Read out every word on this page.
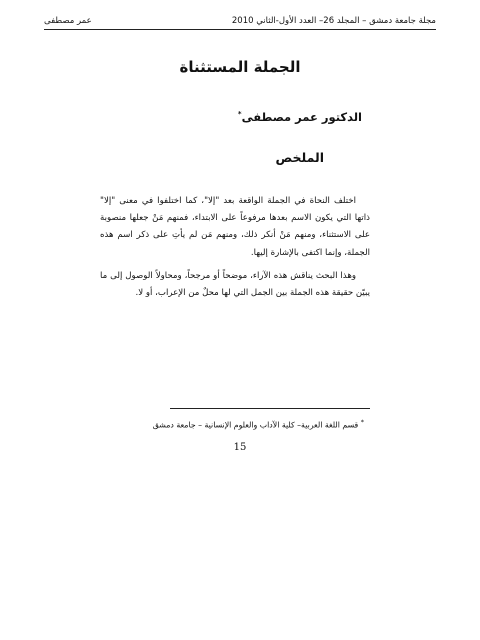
مجلة جامعة دمشق – المجلد 26– العدد الأول-الثاني 2010
عمر مصطفى
الجملة المستثناة
الدكتور عمر مصطفى*
الملخص

اختلف النحاة في الجملة الواقعة بعد "إلا"، كما اختلفوا في معنى "إلا" ذاتها التي يكون الاسم بعدها مرفوعاً على الابتداء، فمنهم مَنْ جعلها منصوبة على الاستثناء، ومنهم مَنْ أنكر ذلك، ومنهم مَن لم يأتِ على ذكر اسم هذه الجملة، وإنما اكتفى بالإشارة إليها.

وهذا البحث يناقش هذه الآراء، موضحاً أو مرجحاً، ومحاولاً الوصول إلى ما يبيّن حقيقة هذه الجملة بين الجمل التي لها محلٌ من الإعراب، أو لا.

* قسم اللغة العربية– كلية الآداب والعلوم الإنسانية – جامعة دمشق
15
